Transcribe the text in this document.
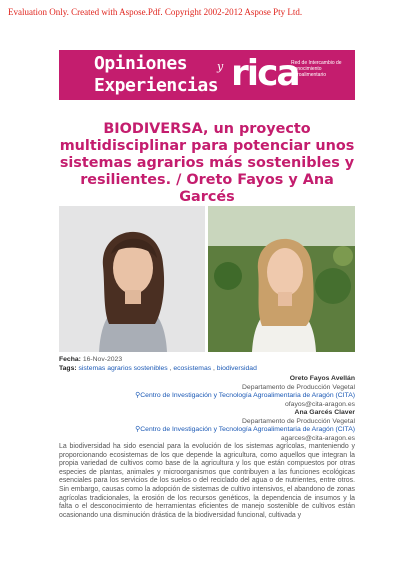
Evaluation Only. Created with Aspose.Pdf. Copyright 2002-2012 Aspose Pty Ltd.
Opiniones	y
Experiencias rica
Red de Intercambio de Conocimiento Agroalimentario
BIODIVERSA, un proyecto multidisciplinar para potenciar unos sistemas agrarios más sostenibles y resilientes. / Oreto Fayos y Ana Garcés
Fecha: 16-Nov-2023
Tags: sistemas agrarios sostenibles , ecosistemas , biodiversidad
Oreto Fayos Avellán
Departamento de Producción Vegetal
⚲Centro de Investigación y Tecnología Agroalimentaria de Aragón (CITA)
ofayos@cita-aragon.es
Ana Garcés Claver
Departamento de Producción Vegetal
⚲Centro de Investigación y Tecnología Agroalimentaria de Aragón (CITA)
agarces@cita-aragon.es
La biodiversidad ha sido esencial para la evolución de los sistemas agrícolas, manteniendo y proporcionando ecosistemas de los que depende la agricultura, como aquellos que integran la propia variedad de cultivos como base de la agricultura y los que están compuestos por otras especies de plantas, animales y microorganismos que contribuyen a las funciones ecológicas esenciales para los servicios de los suelos o del reciclado del agua o de nutrientes, entre otros. Sin embargo, causas como la adopción de sistemas de cultivo intensivos, el abandono de zonas agrícolas tradicionales, la erosión de los recursos genéticos, la dependencia de insumos y la falta o el desconocimiento de herramientas eficientes de manejo sostenible de cultivos están ocasionando una disminución drástica de la biodiversidad funcional, cultivada y
